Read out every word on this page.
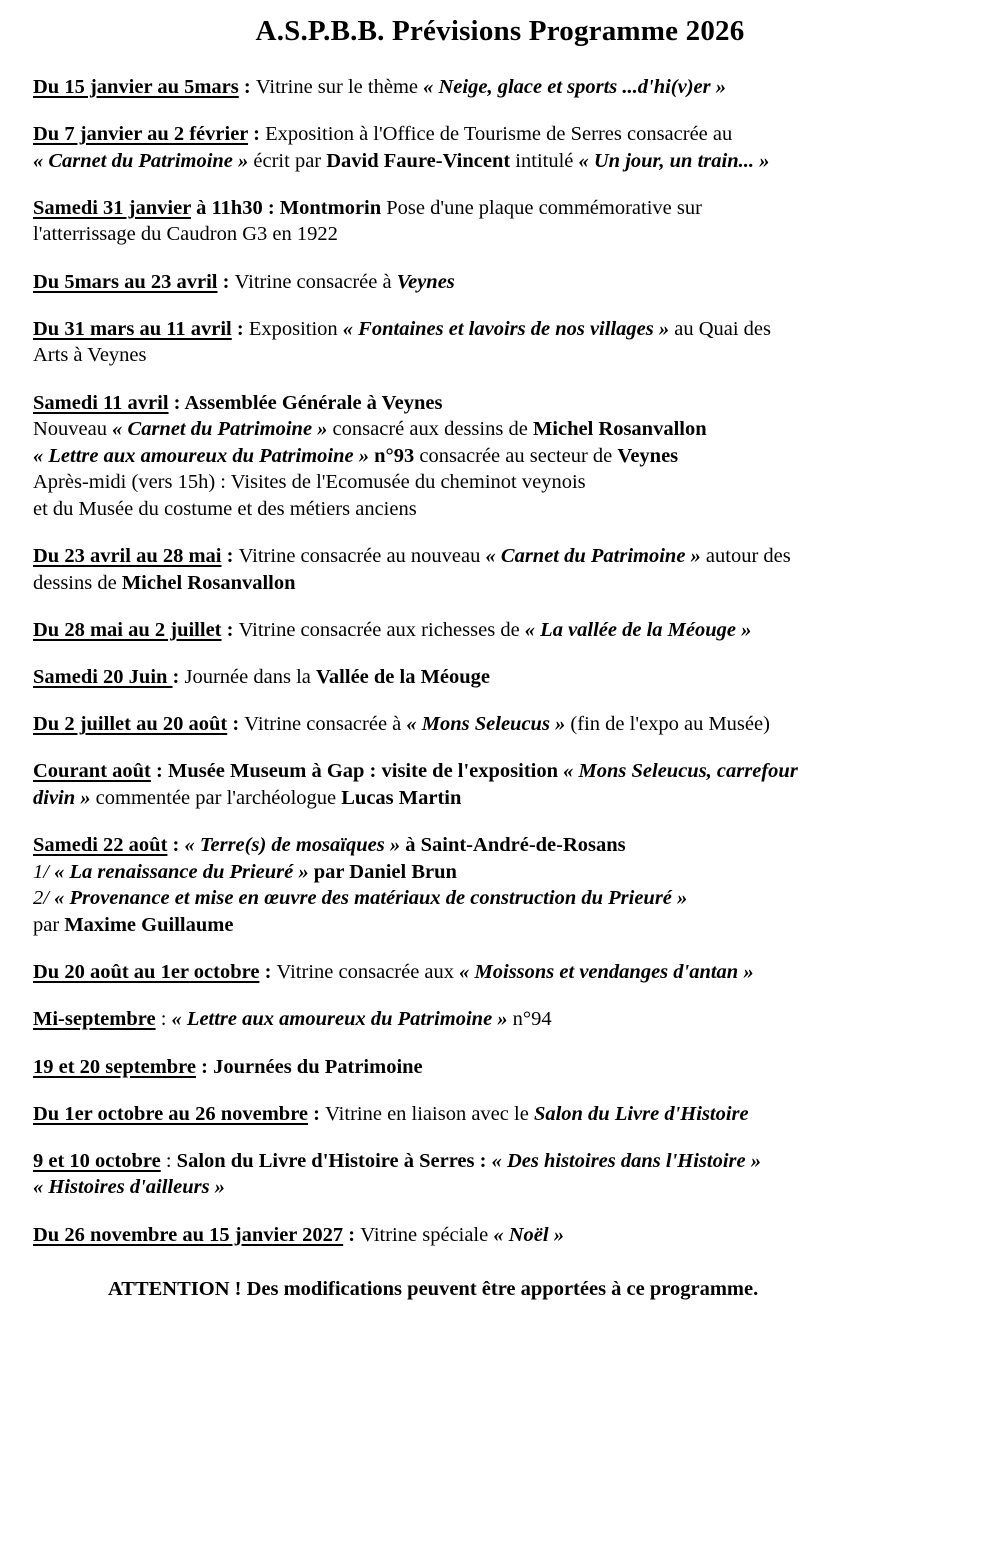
A.S.P.B.B. Prévisions Programme 2026

Du 15 janvier au 5mars : Vitrine sur le thème « Neige, glace et sports ...d'hi(v)er »

Du 7 janvier au 2 février : Exposition à l'Office de Tourisme de Serres consacrée au

« Carnet du Patrimoine » écrit par David Faure-Vincent intitulé « Un jour, un train... »

Samedi 31 janvier à 11h30 : Montmorin Pose d'une plaque commémorative sur

l'atterrissage du Caudron G3 en 1922

Du 5mars au 23 avril : Vitrine consacrée à Veynes

Du 31 mars au 11 avril : Exposition « Fontaines et lavoirs de nos villages » au Quai des

Arts à Veynes

Samedi 11 avril : Assemblée Générale à Veynes

Nouveau « Carnet du Patrimoine » consacré aux dessins de Michel Rosanvallon

« Lettre aux amoureux du Patrimoine » n°93 consacrée au secteur de Veynes

Après-midi (vers 15h) : Visites de l'Ecomusée du cheminot veynois

et du Musée du costume et des métiers anciens

Du 23 avril au 28 mai : Vitrine consacrée au nouveau « Carnet du Patrimoine » autour des

dessins de Michel Rosanvallon

Du 28 mai au 2 juillet : Vitrine consacrée aux richesses de « La vallée de la Méouge »

Samedi 20 Juin : Journée dans la Vallée de la Méouge

Du 2 juillet au 20 août : Vitrine consacrée à « Mons Seleucus » (fin de l'expo au Musée)

Courant août : Musée Museum à Gap : visite de l'exposition « Mons Seleucus, carrefour

divin » commentée par l'archéologue Lucas Martin

Samedi 22 août : « Terre(s) de mosaïques » à Saint-André-de-Rosans

1/ « La renaissance du Prieuré » par Daniel Brun

2/ « Provenance et mise en œuvre des matériaux de construction du Prieuré »

par Maxime Guillaume

Du 20 août au 1er octobre : Vitrine consacrée aux « Moissons et vendanges d'antan »

Mi-septembre : « Lettre aux amoureux du Patrimoine » n°94

19 et 20 septembre : Journées du Patrimoine

Du 1er octobre au 26 novembre : Vitrine en liaison avec le Salon du Livre d'Histoire

9 et 10 octobre : Salon du Livre d'Histoire à Serres : « Des histoires dans l'Histoire »

« Histoires d'ailleurs »

Du 26 novembre au 15 janvier 2027 : Vitrine spéciale « Noël »

ATTENTION ! Des modifications peuvent être apportées à ce programme.
